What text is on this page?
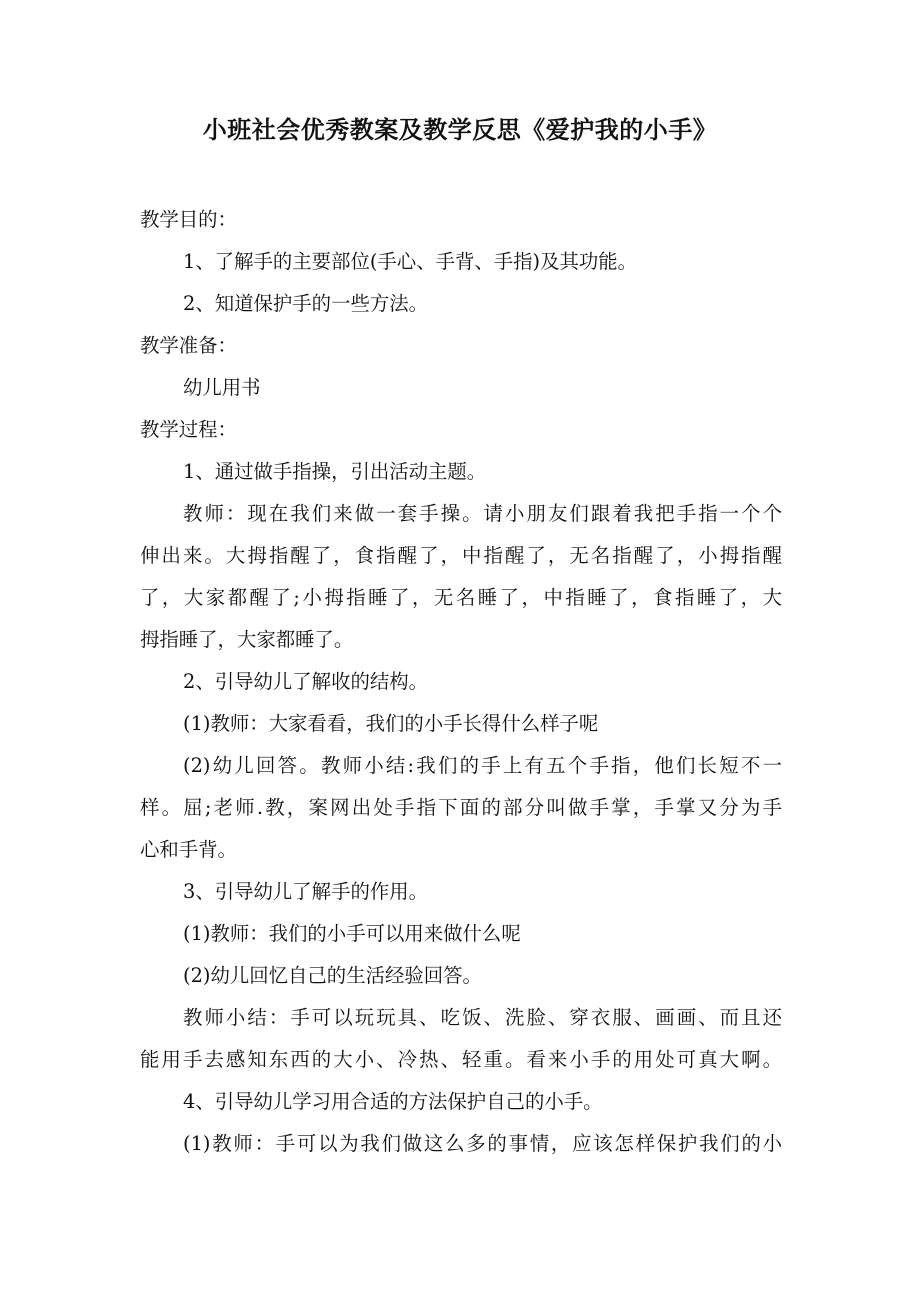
小班社会优秀教案及教学反思《爱护我的小手》

教学目的：

1、了解手的主要部位(手心、手背、手指)及其功能。

2、知道保护手的一些方法。

教学准备：

幼儿用书

教学过程：

1、通过做手指操，引出活动主题。

教师：现在我们来做一套手操。请小朋友们跟着我把手指一个个

伸出来。大拇指醒了，食指醒了，中指醒了，无名指醒了，小拇指醒

了，大家都醒了;小拇指睡了，无名睡了，中指睡了，食指睡了，大

拇指睡了，大家都睡了。

2、引导幼儿了解收的结构。

(1)教师：大家看看，我们的小手长得什么样子呢

(2)幼儿回答。教师小结:我们的手上有五个手指，他们长短不一

样。屈;老师.教，案网出处手指下面的部分叫做手掌，手掌又分为手

心和手背。

3、引导幼儿了解手的作用。

(1)教师：我们的小手可以用来做什么呢

(2)幼儿回忆自己的生活经验回答。

教师小结：手可以玩玩具、吃饭、洗脸、穿衣服、画画、而且还

能用手去感知东西的大小、冷热、轻重。看来小手的用处可真大啊。

4、引导幼儿学习用合适的方法保护自己的小手。

(1)教师：手可以为我们做这么多的事情，应该怎样保护我们的小
